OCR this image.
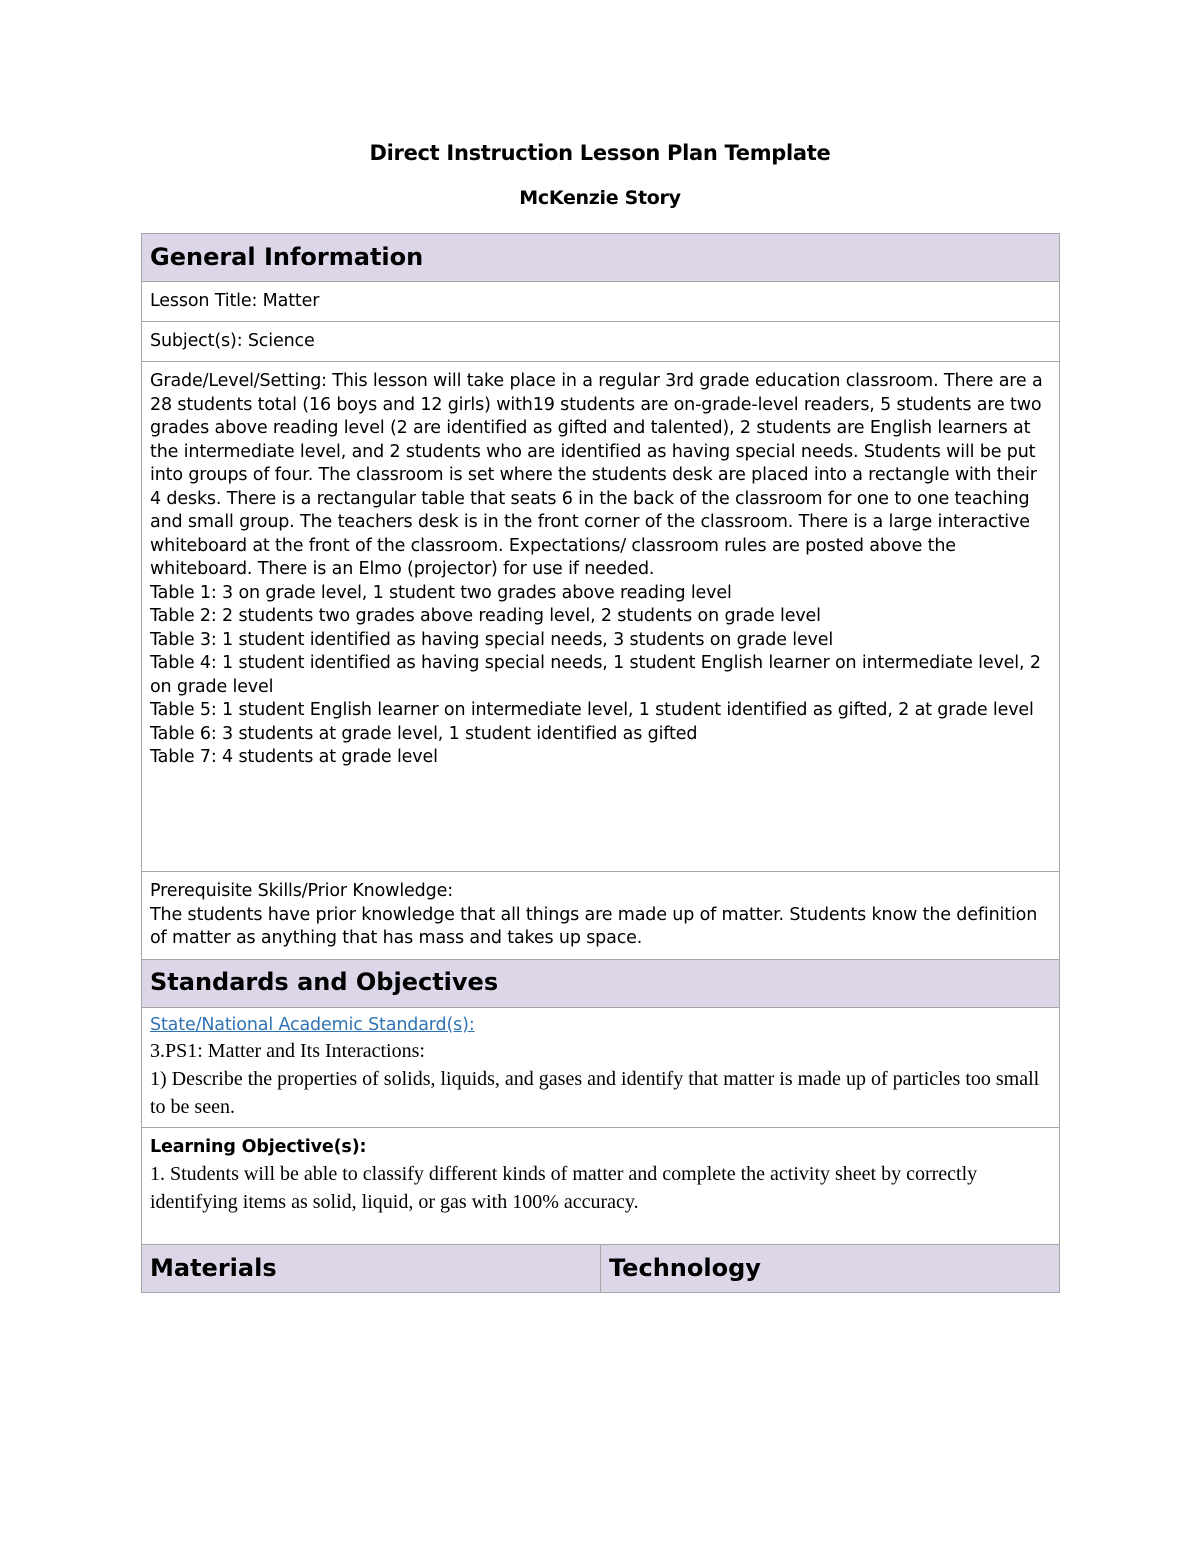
Direct Instruction Lesson Plan Template
McKenzie Story
General Information
Lesson Title: Matter
Subject(s): Science

Grade/Level/Setting: This lesson will take place in a regular 3rd grade education classroom. There are a 28 students total (16 boys and 12 girls) with19 students are on-grade-level readers, 5 students are two grades above reading level (2 are identified as gifted and talented), 2 students are English learners at the intermediate level, and 2 students who are identified as having special needs. Students will be put into groups of four. The classroom is set where the students desk are placed into a rectangle with their 4 desks. There is a rectangular table that seats 6 in the back of the classroom for one to one teaching and small group. The teachers desk is in the front corner of the classroom. There is a large interactive whiteboard at the front of the classroom. Expectations/ classroom rules are posted above the whiteboard. There is an Elmo (projector) for use if needed.
Table 1: 3 on grade level, 1 student two grades above reading level
Table 2: 2 students two grades above reading level, 2 students on grade level
Table 3: 1 student identified as having special needs, 3 students on grade level
Table 4: 1 student identified as having special needs, 1 student English learner on intermediate level, 2 on grade level
Table 5: 1 student English learner on intermediate level, 1 student identified as gifted, 2 at grade level
Table 6: 3 students at grade level, 1 student identified as gifted
Table 7: 4 students at grade level

Prerequisite Skills/Prior Knowledge:
The students have prior knowledge that all things are made up of matter. Students know the definition of matter as anything that has mass and takes up space.

Standards and Objectives

State/National Academic Standard(s):
3.PS1: Matter and Its Interactions:
1) Describe the properties of solids, liquids, and gases and identify that matter is made up of particles too small to be seen.

Learning Objective(s):
1. Students will be able to classify different kinds of matter and complete the activity sheet by correctly identifying items as solid, liquid, or gas with 100% accuracy.

Materials	Technology
